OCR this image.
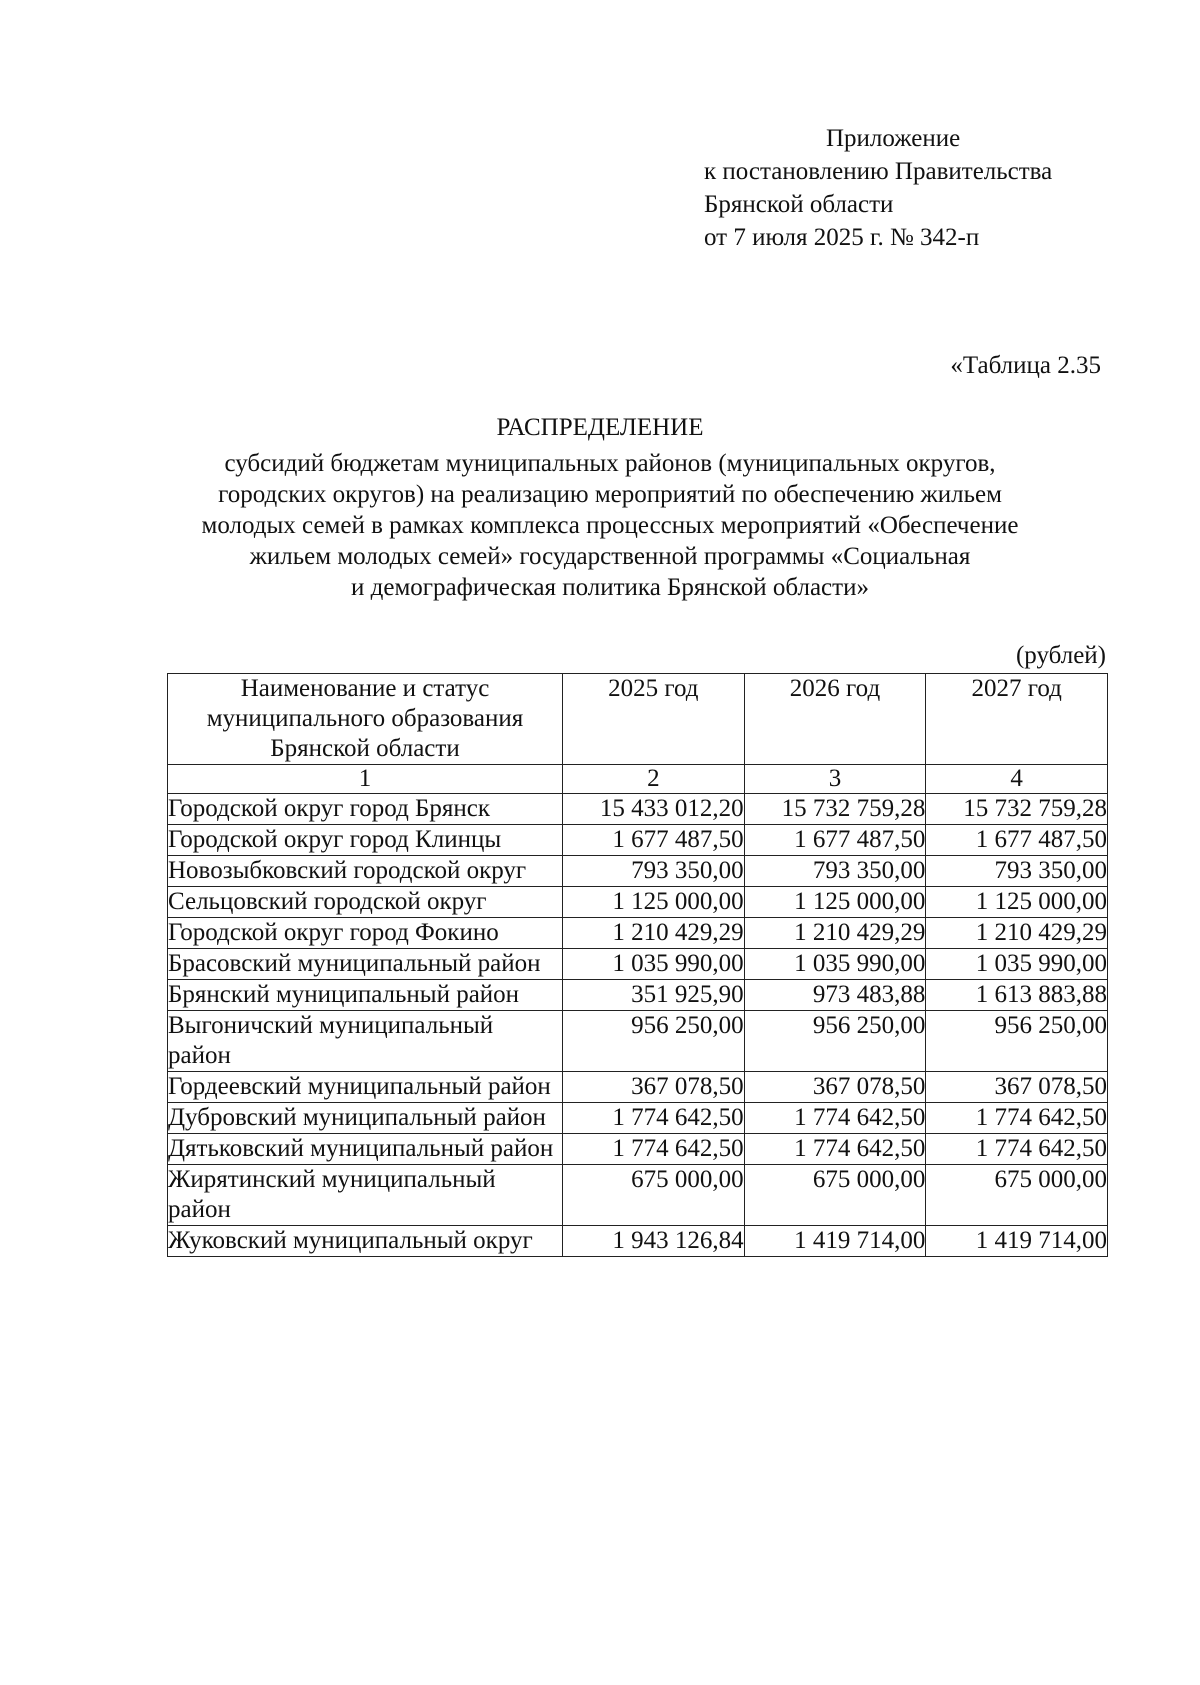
Приложение
к постановлению Правительства
Брянской области
от 7 июля 2025 г. № 342-п
«Таблица 2.35
РАСПРЕДЕЛЕНИЕ
субсидий бюджетам муниципальных районов (муниципальных округов,
городских округов) на реализацию мероприятий по обеспечению жильем
молодых семей в рамках комплекса процессных мероприятий «Обеспечение
жильем молодых семей» государственной программы «Социальная
и демографическая политика Брянской области»
(рублей)
Наименование и статус
муниципального образования
Брянской области	2025 год	2026 год	2027 год
1	2	3	4
Городской округ город Брянск	15 433 012,20	15 732 759,28	15 732 759,28
Городской округ город Клинцы	1 677 487,50	1 677 487,50	1 677 487,50
Новозыбковский городской округ	793 350,00	793 350,00	793 350,00
Сельцовский городской округ	1 125 000,00	1 125 000,00	1 125 000,00
Городской округ город Фокино	1 210 429,29	1 210 429,29	1 210 429,29
Брасовский муниципальный район	1 035 990,00	1 035 990,00	1 035 990,00
Брянский муниципальный район	351 925,90	973 483,88	1 613 883,88
Выгоничский муниципальный район	956 250,00	956 250,00	956 250,00
Гордеевский муниципальный район	367 078,50	367 078,50	367 078,50
Дубровский муниципальный район	1 774 642,50	1 774 642,50	1 774 642,50
Дятьковский муниципальный район	1 774 642,50	1 774 642,50	1 774 642,50
Жирятинский муниципальный район	675 000,00	675 000,00	675 000,00
Жуковский муниципальный округ	1 943 126,84	1 419 714,00	1 419 714,00
